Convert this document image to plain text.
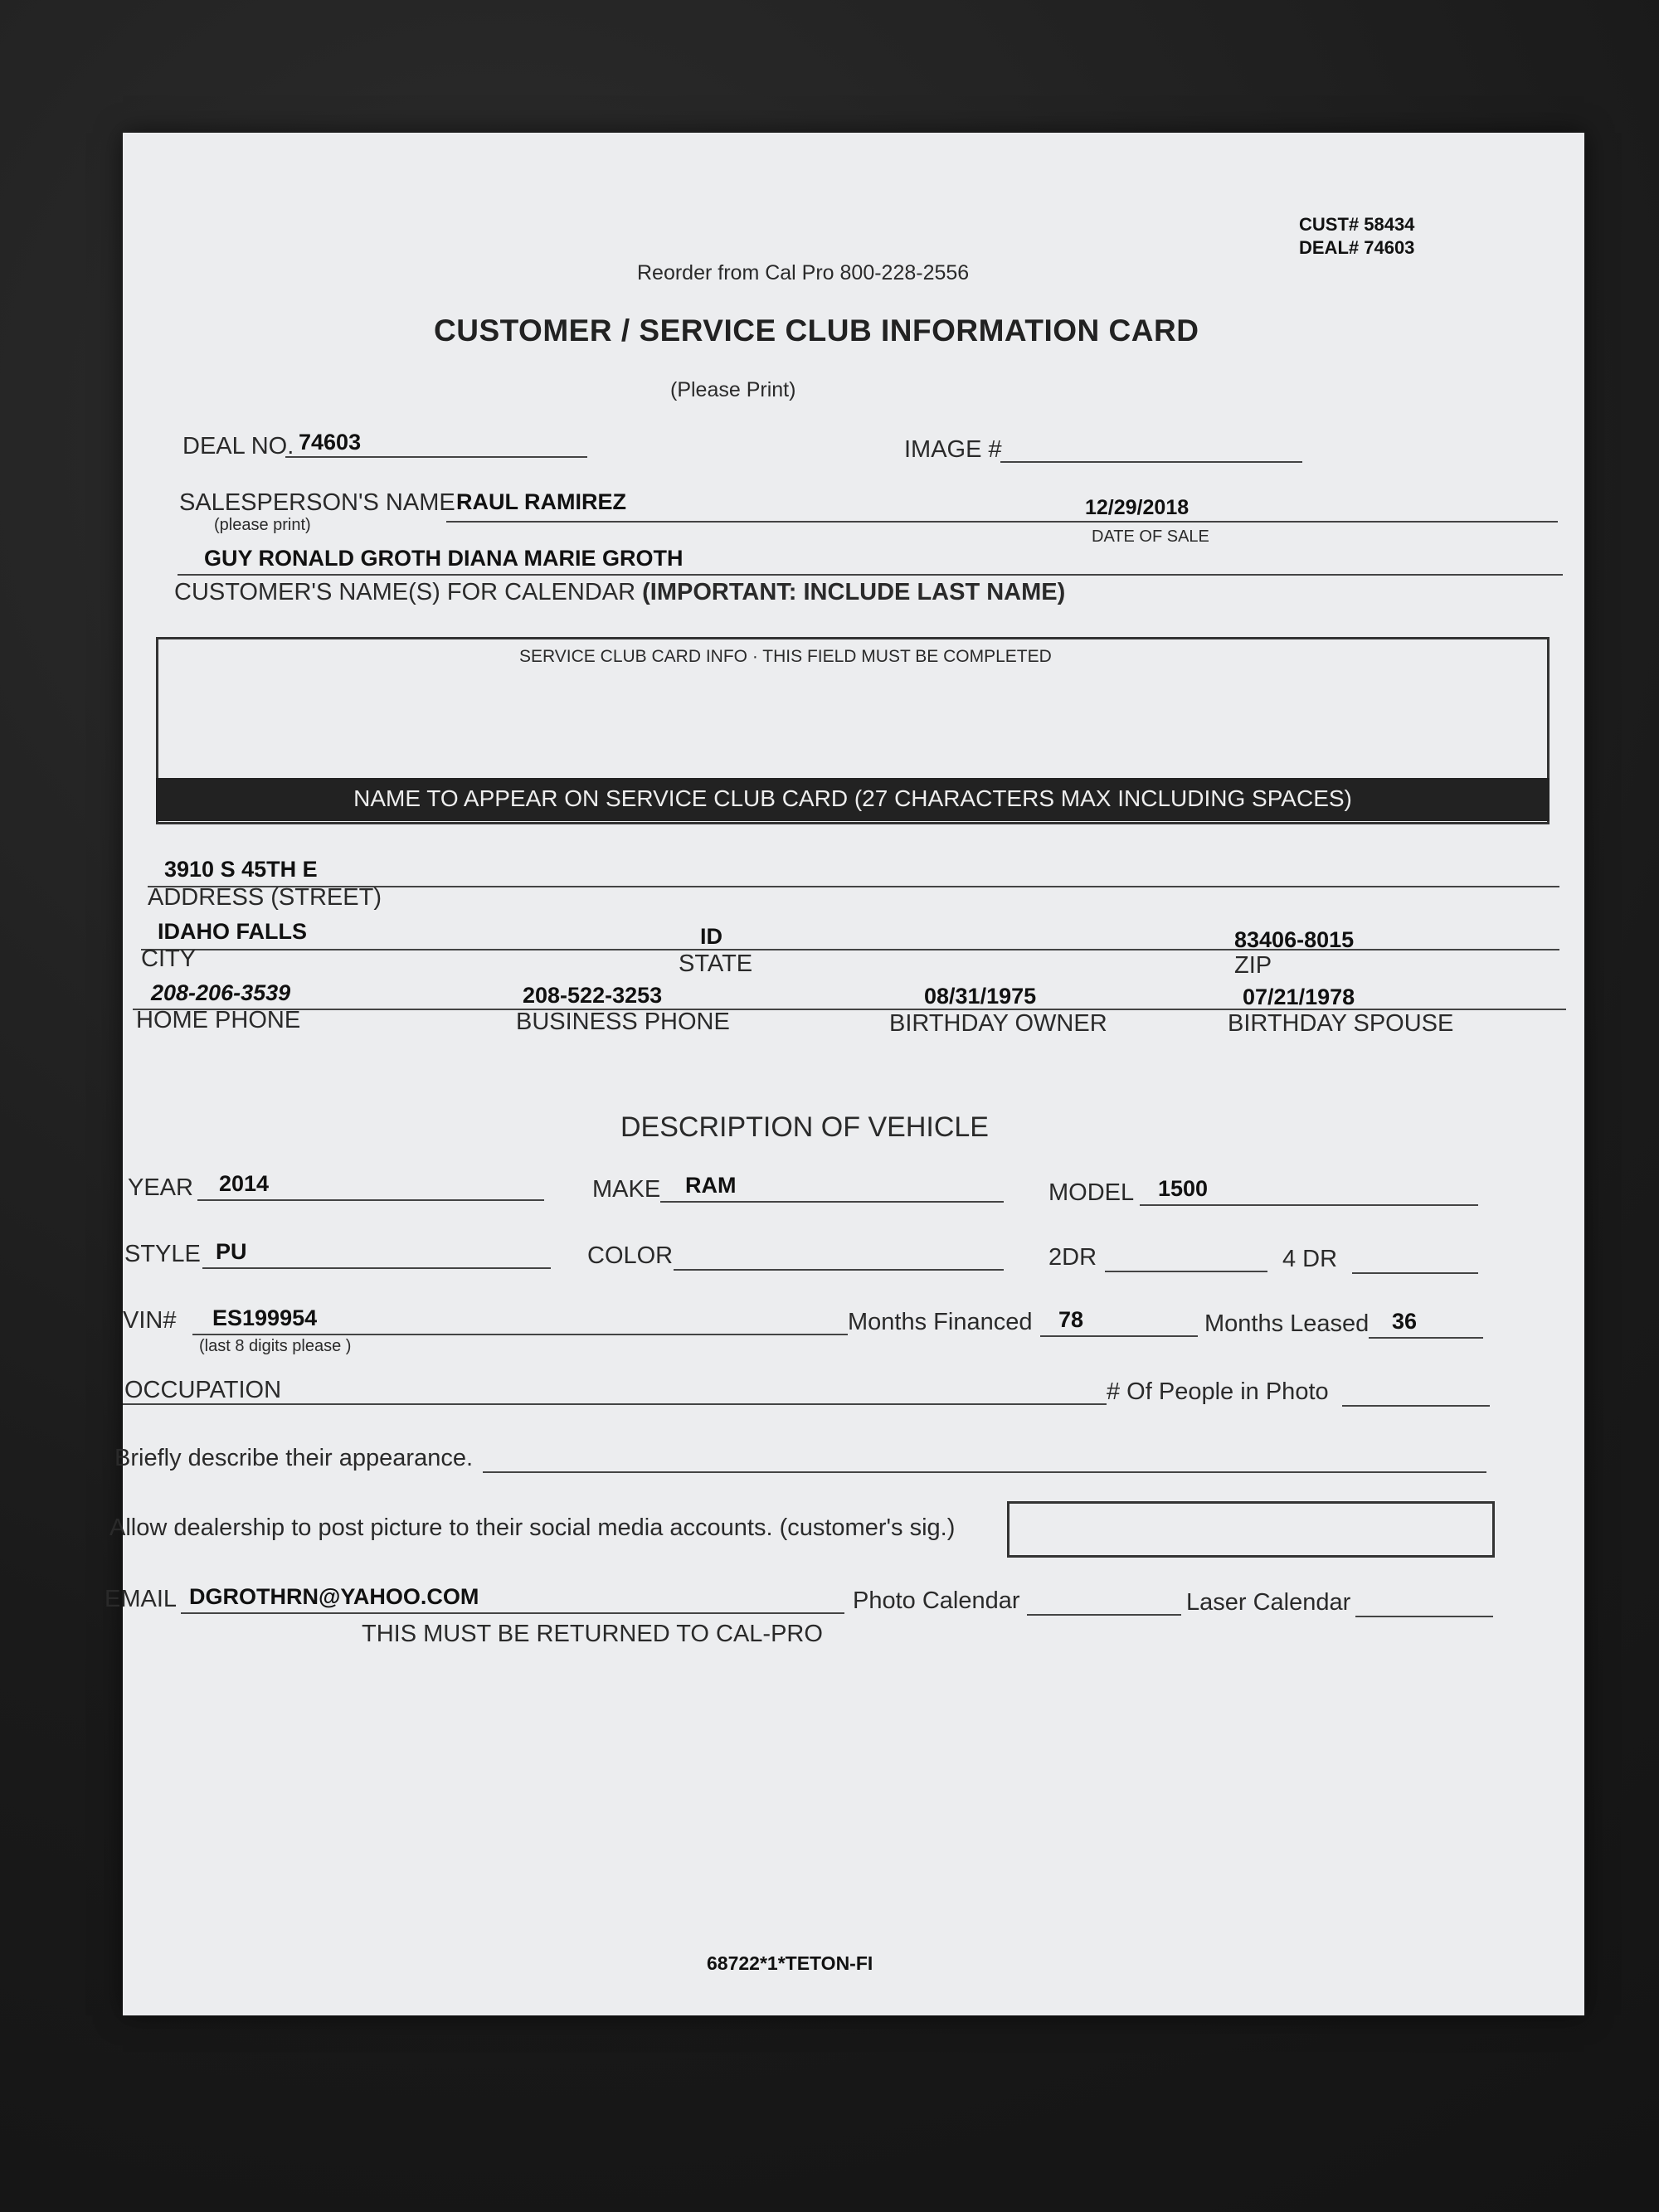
CUST# 58434
DEAL# 74603
Reorder from Cal Pro 800-228-2556
CUSTOMER / SERVICE CLUB INFORMATION CARD
(Please Print)
DEAL NO. 74603	IMAGE #
SALESPERSON'S NAME
(please print)
RAUL RAMIREZ	12/29/2018
DATE OF SALE
GUY RONALD GROTH DIANA MARIE GROTH
CUSTOMER'S NAME(S) FOR CALENDAR (IMPORTANT: INCLUDE LAST NAME)
SERVICE CLUB CARD INFO · THIS FIELD MUST BE COMPLETED
NAME TO APPEAR ON SERVICE CLUB CARD (27 CHARACTERS MAX INCLUDING SPACES)
3910 S 45TH E
ADDRESS (STREET)
IDAHO FALLS	ID	83406-8015
CITY	STATE	ZIP
208-206-3539	208-522-3253	08/31/1975	07/21/1978
HOME PHONE	BUSINESS PHONE	BIRTHDAY OWNER	BIRTHDAY SPOUSE
DESCRIPTION OF VEHICLE
YEAR 2014	MAKE RAM	MODEL 1500
STYLE PU	COLOR	2DR	4 DR
VIN# ES199954
(last 8 digits please )
Months Financed 78	Months Leased 36
OCCUPATION	# Of People in Photo
Briefly describe their appearance.
Allow dealership to post picture to their social media accounts. (customer's sig.)
EMAIL DGROTHRN@YAHOO.COM	Photo Calendar	Laser Calendar
THIS MUST BE RETURNED TO CAL-PRO
68722*1*TETON-FI
